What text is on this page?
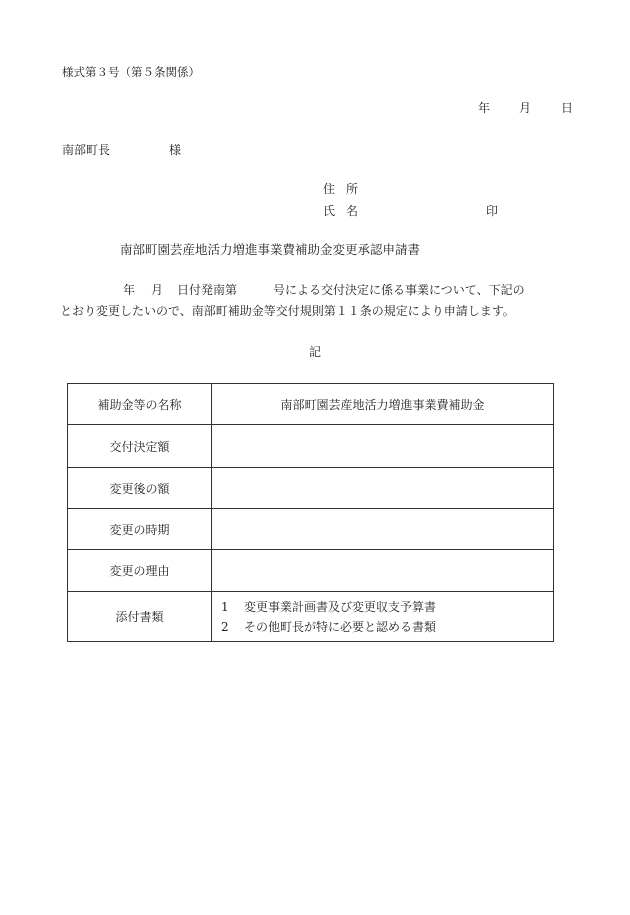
様式第３号（第５条関係）
年 月 日
南部町長	様
住所
氏名	印
南部町園芸産地活力増進事業費補助金変更承認申請書
年 月 日付発南第	号による交付決定に係る事業について、下記の
とおり変更したいので、南部町補助金等交付規則第１１条の規定により申請します。
記
補助金等の名称	南部町園芸産地活力増進事業費補助金
交付決定額	
変更後の額	
変更の時期	
変更の理由	
添付書類	1 変更事業計画書及び変更収支予算書
2 その他町長が特に必要と認める書類
